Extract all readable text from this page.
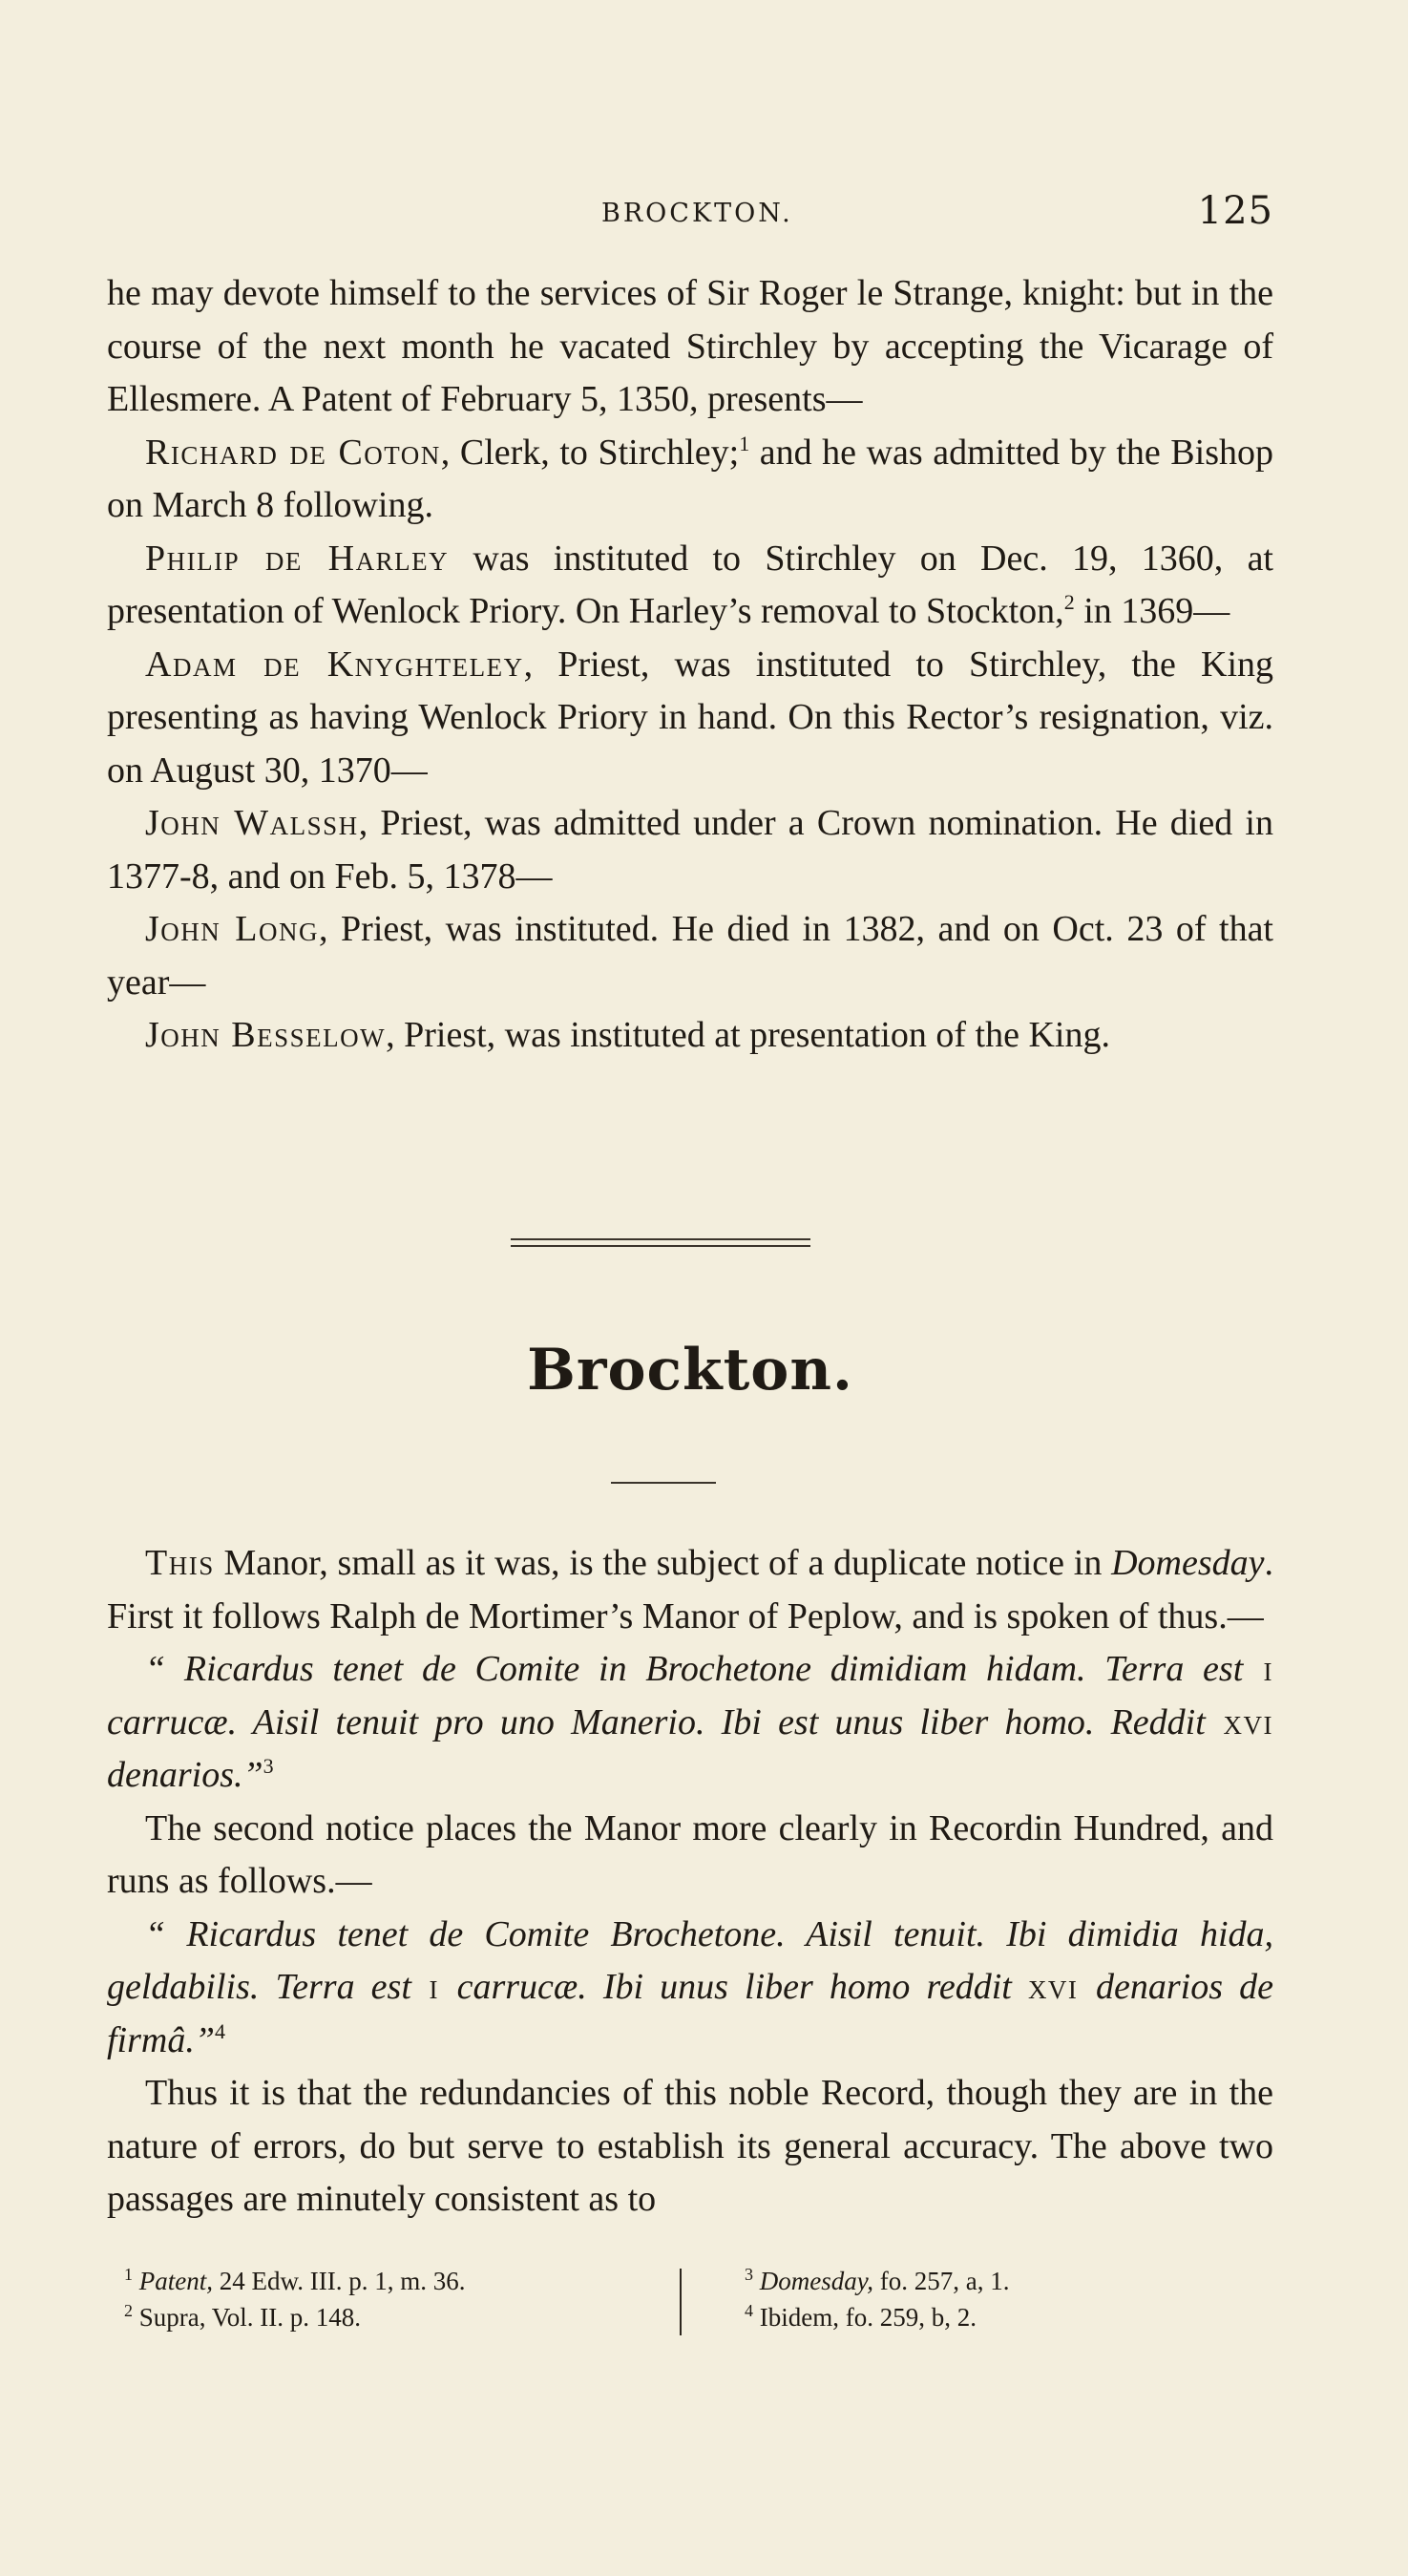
BROCKTON.	125

he may devote himself to the services of Sir Roger le Strange, knight: but in the course of the next month he vacated Stirchley by accepting the Vicarage of Ellesmere. A Patent of February 5, 1350, presents—

Richard de Coton, Clerk, to Stirchley;$^1$ and he was admitted by the Bishop on March 8 following.

Philip de Harley was instituted to Stirchley on Dec. 19, 1360, at presentation of Wenlock Priory. On Harley’s removal to Stockton,$^2$ in 1369—

Adam de Knyghteley, Priest, was instituted to Stirchley, the King presenting as having Wenlock Priory in hand. On this Rector’s resignation, viz. on August 30, 1370—

John Walssh, Priest, was admitted under a Crown nomination. He died in 1377-8, and on Feb. 5, 1378—

John Long, Priest, was instituted. He died in 1382, and on Oct. 23 of that year—

John Besselow, Priest, was instituted at presentation of the King.

Brockton.

This Manor, small as it was, is the subject of a duplicate notice in Domesday. First it follows Ralph de Mortimer’s Manor of Peplow, and is spoken of thus.—

“ Ricardus tenet de Comite in Brochetone dimidiam hidam. Terra est i carrucæ. Aisil tenuit pro uno Manerio. Ibi est unus liber homo. Reddit xvi denarios.”$^3$

The second notice places the Manor more clearly in Recordin Hundred, and runs as follows.—

“ Ricardus tenet de Comite Brochetone. Aisil tenuit. Ibi dimidia hida, geldabilis. Terra est i carrucæ. Ibi unus liber homo reddit xvi denarios de firmâ.”$^4$

Thus it is that the redundancies of this noble Record, though they are in the nature of errors, do but serve to establish its general accuracy. The above two passages are minutely consistent as to

$^1$ Patent, 24 Edw. III. p. 1, m. 36.
$^2$ Supra, Vol. II. p. 148.
$^3$ Domesday, fo. 257, a, 1.
$^4$ Ibidem, fo. 259, b, 2.
